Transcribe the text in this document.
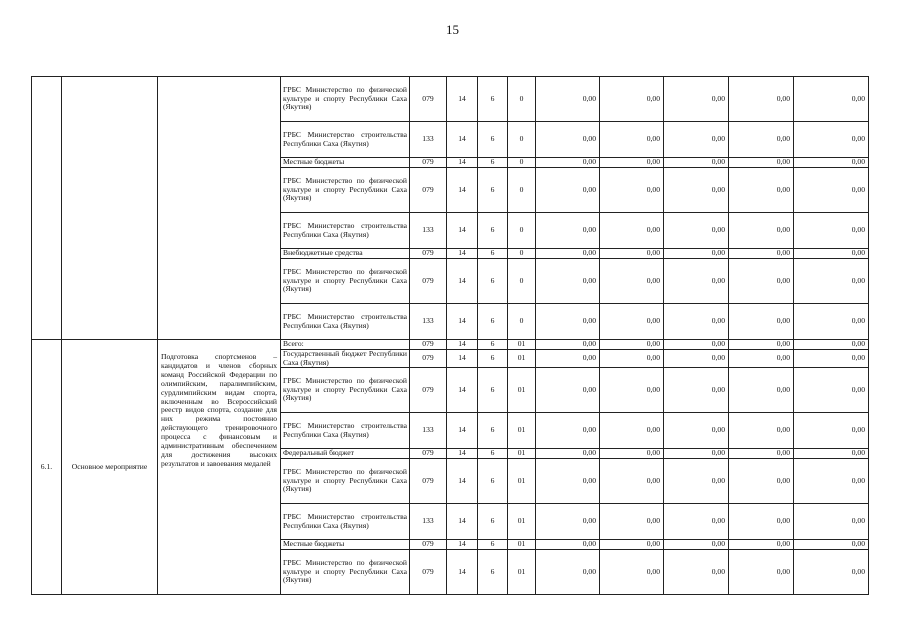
15
			ГРБС Министерство по физической культуре и спорту Республики Саха (Якутия)	079	14	6	0	0,00	0,00	0,00	0,00	0,00
			ГРБС Министерство строительства Республики Саха (Якутия)	133	14	6	0	0,00	0,00	0,00	0,00	0,00
			Местные бюджеты	079	14	6	0	0,00	0,00	0,00	0,00	0,00
			ГРБС Министерство по физической культуре и спорту Республики Саха (Якутия)	079	14	6	0	0,00	0,00	0,00	0,00	0,00
			ГРБС Министерство строительства Республики Саха (Якутия)	133	14	6	0	0,00	0,00	0,00	0,00	0,00
			Внебюджетные средства	079	14	6	0	0,00	0,00	0,00	0,00	0,00
			ГРБС Министерство по физической культуре и спорту Республики Саха (Якутия)	079	14	6	0	0,00	0,00	0,00	0,00	0,00
			ГРБС Министерство строительства Республики Саха (Якутия)	133	14	6	0	0,00	0,00	0,00	0,00	0,00
6.1.	Основное мероприятие	Подготовка спортсменов – кандидатов и членов сборных команд Российской Федерации по олимпийским, паралимпийским, сурдлимпийским видам спорта, включенным во Всероссийский реестр видов спорта, создание для них режима постоянно действующего тренировочного процесса с финансовым и административным обеспечением для достижения высоких результатов и завоевания медалей	Всего:	079	14	6	01	0,00	0,00	0,00	0,00	0,00
			Государственный бюджет Республики Саха (Якутия)	079	14	6	01	0,00	0,00	0,00	0,00	0,00
			ГРБС Министерство по физической культуре и спорту Республики Саха (Якутия)	079	14	6	01	0,00	0,00	0,00	0,00	0,00
			ГРБС Министерство строительства Республики Саха (Якутия)	133	14	6	01	0,00	0,00	0,00	0,00	0,00
			Федеральный бюджет	079	14	6	01	0,00	0,00	0,00	0,00	0,00
			ГРБС Министерство по физической культуре и спорту Республики Саха (Якутия)	079	14	6	01	0,00	0,00	0,00	0,00	0,00
			ГРБС Министерство строительства Республики Саха (Якутия)	133	14	6	01	0,00	0,00	0,00	0,00	0,00
			Местные бюджеты	079	14	6	01	0,00	0,00	0,00	0,00	0,00
			ГРБС Министерство по физической культуре и спорту Республики Саха (Якутия)	079	14	6	01	0,00	0,00	0,00	0,00	0,00
